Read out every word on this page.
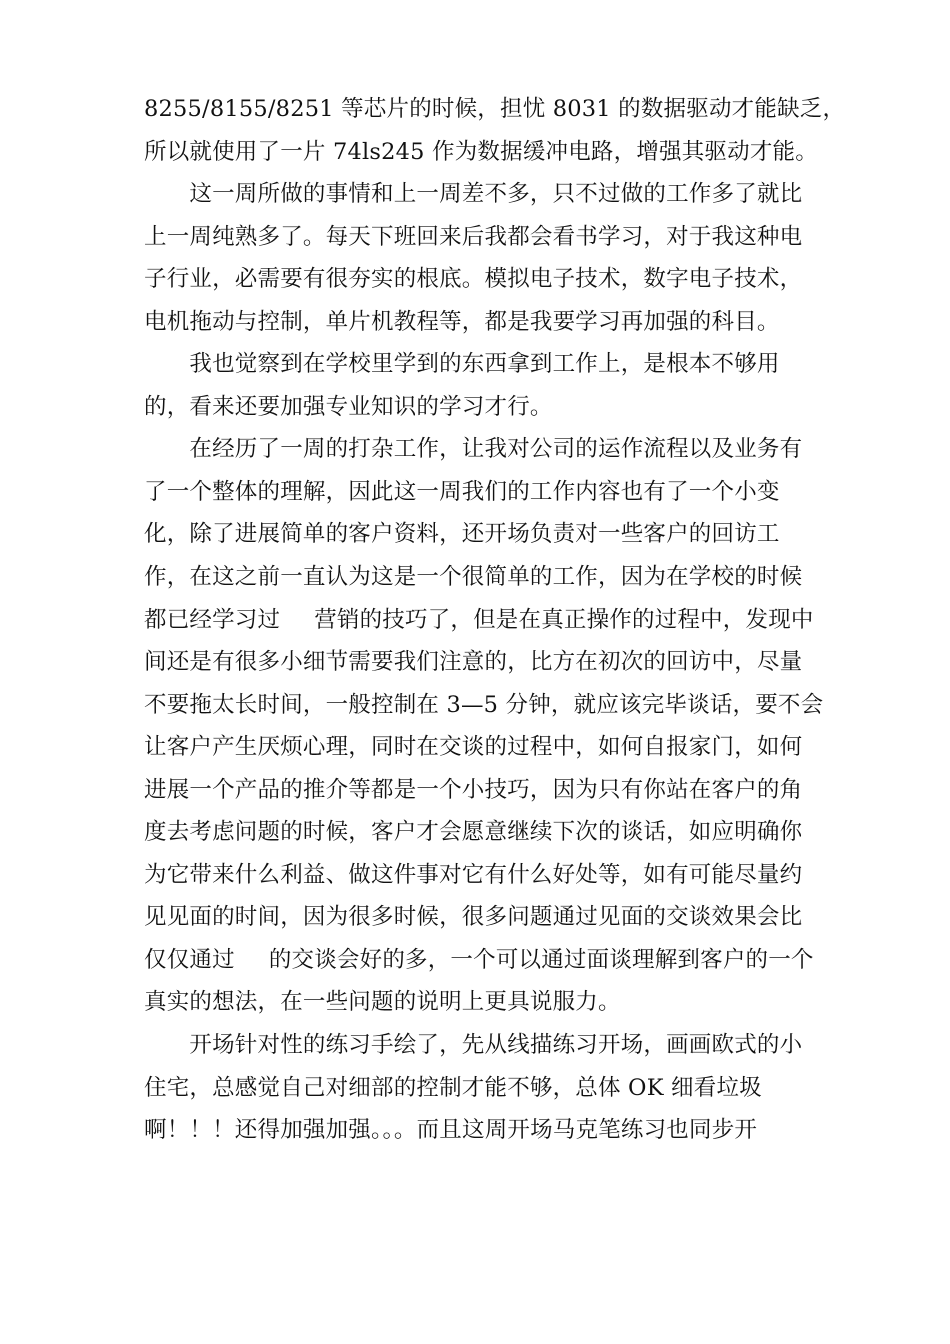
8255/8155/8251 等芯片的时候，担忧 8031 的数据驱动才能缺乏，
所以就使用了一片 74ls245 作为数据缓冲电路，增强其驱动才能。
　　这一周所做的事情和上一周差不多，只不过做的工作多了就比
上一周纯熟多了。每天下班回来后我都会看书学习，对于我这种电
子行业，必需要有很夯实的根底。模拟电子技术，数字电子技术，
电机拖动与控制，单片机教程等，都是我要学习再加强的科目。
　　我也觉察到在学校里学到的东西拿到工作上，是根本不够用
的，看来还要加强专业知识的学习才行。
　　在经历了一周的打杂工作，让我对公司的运作流程以及业务有
了一个整体的理解，因此这一周我们的工作内容也有了一个小变
化，除了进展简单的客户资料，还开场负责对一些客户的回访工
作，在这之前一直认为这是一个很简单的工作，因为在学校的时候
都已经学习过 营销的技巧了，但是在真正操作的过程中，发现中
间还是有很多小细节需要我们注意的，比方在初次的回访中，尽量
不要拖太长时间，一般控制在 3—5 分钟，就应该完毕谈话，要不会
让客户产生厌烦心理，同时在交谈的过程中，如何自报家门，如何
进展一个产品的推介等都是一个小技巧，因为只有你站在客户的角
度去考虑问题的时候，客户才会愿意继续下次的谈话，如应明确你
为它带来什么利益、做这件事对它有什么好处等，如有可能尽量约
见见面的时间，因为很多时候，很多问题通过见面的交谈效果会比
仅仅通过 的交谈会好的多，一个可以通过面谈理解到客户的一个
真实的想法，在一些问题的说明上更具说服力。
　　开场针对性的练习手绘了，先从线描练习开场，画画欧式的小
住宅，总感觉自己对细部的控制才能不够，总体 OK 细看垃圾
啊！！！还得加强加强。。。而且这周开场马克笔练习也同步开
